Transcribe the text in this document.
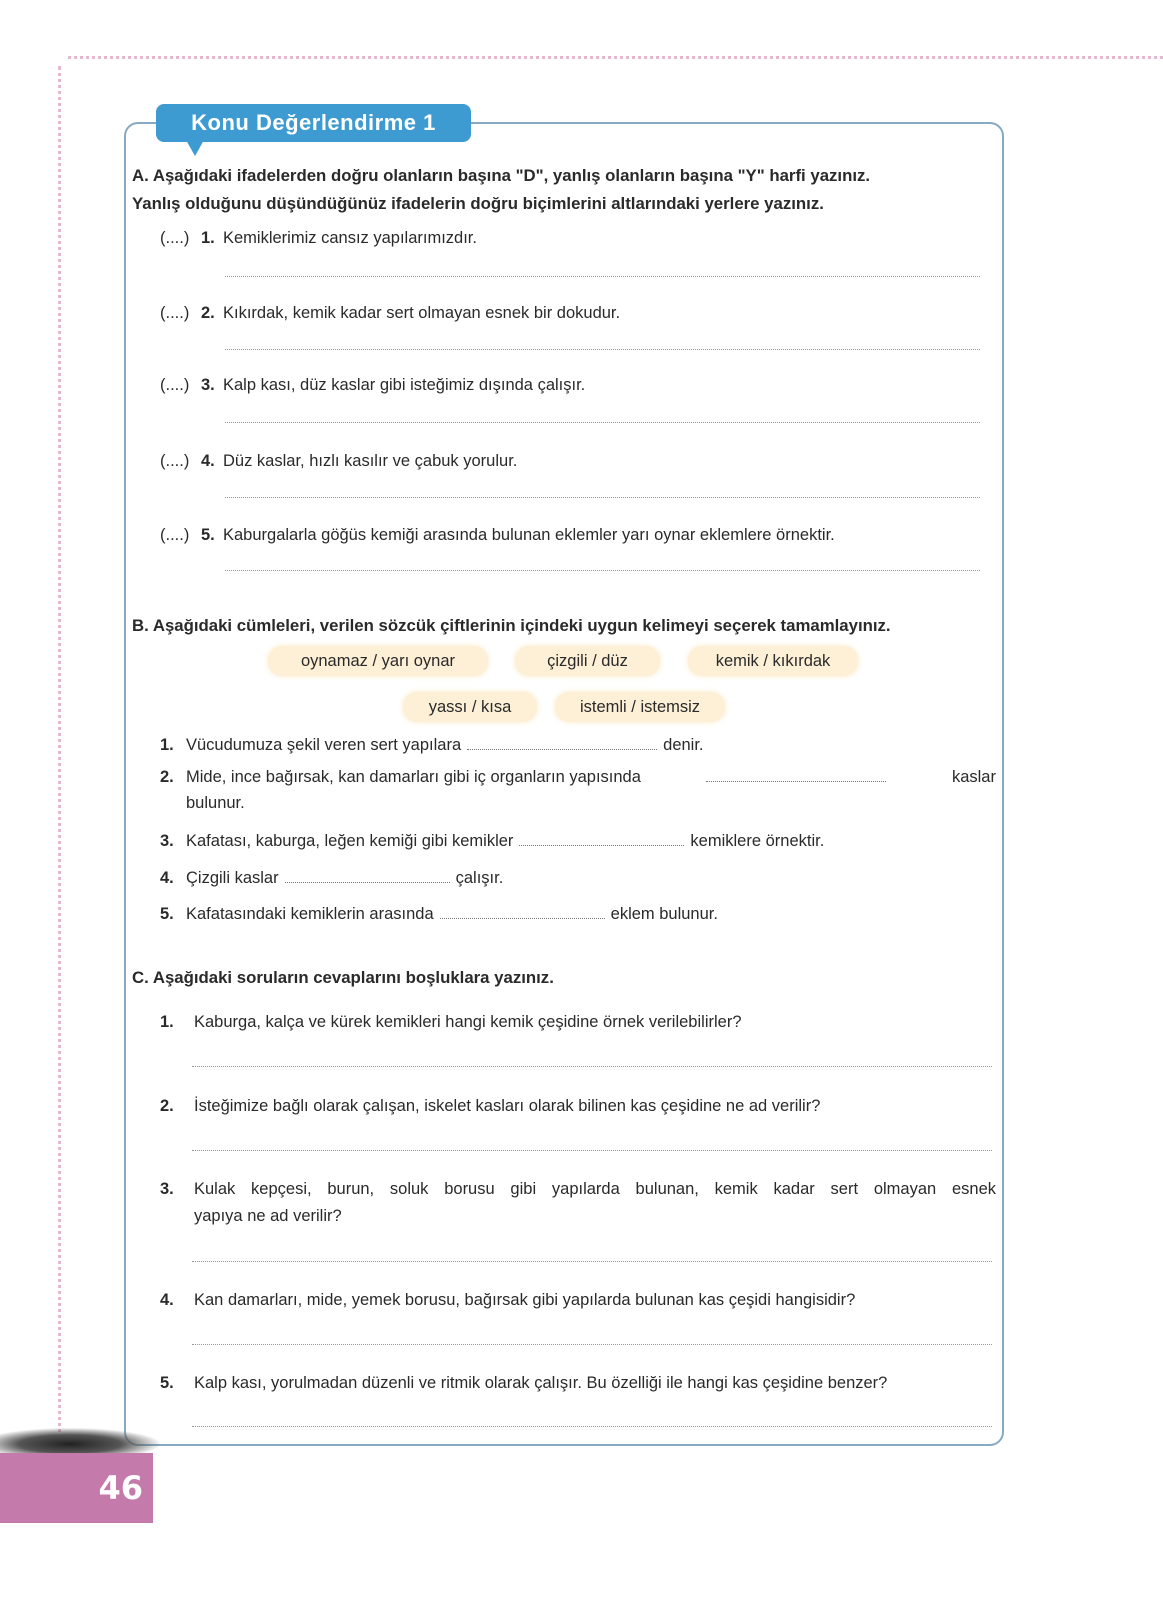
Konu Değerlendirme 1
A. Aşağıdaki ifadelerden doğru olanların başına "D", yanlış olanların başına "Y" harfi yazınız.
Yanlış olduğunu düşündüğünüz ifadelerin doğru biçimlerini altlarındaki yerlere yazınız.
B. Aşağıdaki cümleleri, verilen sözcük çiftlerinin içindeki uygun kelimeyi seçerek tamamlayınız.
oynamaz / yarı oynar	çizgili / düz	kemik / kıkırdak
yassı / kısa	istemli / istemsiz
C. Aşağıdaki soruların cevaplarını boşluklara yazınız.
46
(....) 1. Kemiklerimiz cansız yapılarımızdır.
(....) 2. Kıkırdak, kemik kadar sert olmayan esnek bir dokudur.
(....) 3. Kalp kası, düz kaslar gibi isteğimiz dışında çalışır.
(....) 4. Düz kaslar, hızlı kasılır ve çabuk yorulur.
(....) 5. Kaburgalarla göğüs kemiği arasında bulunan eklemler yarı oynar eklemlere örnektir.
1. Vücudumuza şekil veren sert yapılara	denir.
2. Mide, ince bağırsak, kan damarları gibi iç organların yapısında	kaslar
3. Kafatası, kaburga, leğen kemiği gibi kemikler	kemiklere örnektir.
4. Çizgili kaslar	çalışır.
5. Kafatasındaki kemiklerin arasında	eklem bulunur.
bulunur.
1. Kaburga, kalça ve kürek kemikleri hangi kemik çeşidine örnek verilebilirler?
2. İsteğimize bağlı olarak çalışan, iskelet kasları olarak bilinen kas çeşidine ne ad verilir?
3. Kulak kepçesi, burun, soluk borusu gibi yapılarda bulunan, kemik kadar sert olmayan esnek
4. Kan damarları, mide, yemek borusu, bağırsak gibi yapılarda bulunan kas çeşidi hangisidir?
5. Kalp kası, yorulmadan düzenli ve ritmik olarak çalışır. Bu özelliği ile hangi kas çeşidine benzer?
yapıya ne ad verilir?
